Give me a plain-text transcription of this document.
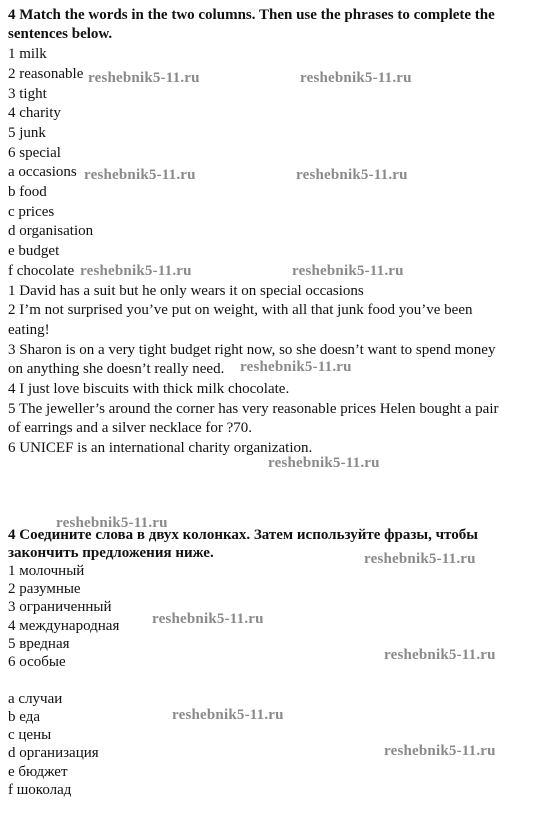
4 Match the words in the two columns. Then use the phrases to complete the
sentences below.
1 milk
2 reasonable
3 tight
4 charity
5 junk
6 special
a occasions
b food
c prices
d organisation
e budget
f chocolate
1 David has a suit but he only wears it on special occasions
2 I’m not surprised you’ve put on weight, with all that junk food you’ve been
eating!
3 Sharon is on a very tight budget right now, so she doesn’t want to spend money
on anything she doesn’t really need.
4 I just love biscuits with thick milk chocolate.
5 The jeweller’s around the corner has very reasonable prices Helen bought a pair
of earrings and a silver necklace for ?70.
6 UNICEF is an international charity organization.
4 Соедините слова в двух колонках. Затем используйте фразы, чтобы
закончить предложения ниже.
1 молочный
2 разумные
3 ограниченный
4 международная
5 вредная
6 особые
а случаи
b еда
с цены
d организация
е бюджет
f шоколад
reshebnik5-11.ru	reshebnik5-11.ru
reshebnik5-11.ru	reshebnik5-11.ru
reshebnik5-11.ru	reshebnik5-11.ru
reshebnik5-11.ru
reshebnik5-11.ru
reshebnik5-11.ru
reshebnik5-11.ru
reshebnik5-11.ru
reshebnik5-11.ru
reshebnik5-11.ru
reshebnik5-11.ru
